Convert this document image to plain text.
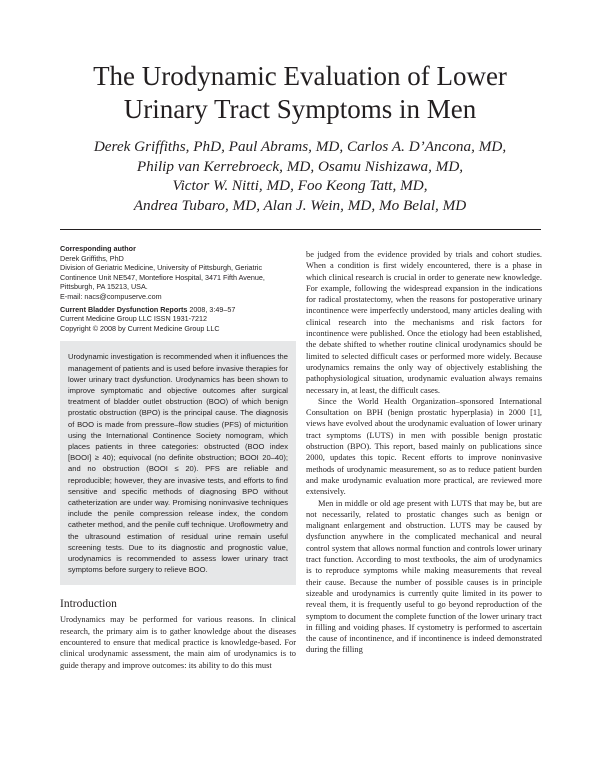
The Urodynamic Evaluation of Lower
Urinary Tract Symptoms in Men

Derek Griffiths, PhD, Paul Abrams, MD, Carlos A. D’Ancona, MD,
Philip van Kerrebroeck, MD, Osamu Nishizawa, MD,
Victor W. Nitti, MD, Foo Keong Tatt, MD,
Andrea Tubaro, MD, Alan J. Wein, MD, Mo Belal, MD

Corresponding author
Derek Griffiths, PhD
Division of Geriatric Medicine, University of Pittsburgh, Geriatric
Continence Unit NE547, Montefiore Hospital, 3471 Fifth Avenue,
Pittsburgh, PA 15213, USA.
E-mail: nacs@compuserve.com
Current Bladder Dysfunction Reports 2008, 3:49–57
Current Medicine Group LLC ISSN 1931-7212
Copyright © 2008 by Current Medicine Group LLC

Urodynamic investigation is recommended when it influences the management of patients and is used before invasive therapies for lower urinary tract dysfunction. Urodynamics has been shown to improve symptomatic and objective outcomes after surgical treatment of bladder outlet obstruction (BOO) of which benign prostatic obstruction (BPO) is the principal cause. The diagnosis of BOO is made from pressure–flow studies (PFS) of micturition using the International Continence Society nomogram, which places patients in three categories: obstructed (BOO index [BOOI] ≥ 40); equivocal (no definite obstruction; BOOI 20–40); and no obstruction (BOOI ≤ 20). PFS are reliable and reproducible; however, they are invasive tests, and efforts to find sensitive and specific methods of diagnosing BPO without catheterization are under way. Promising noninvasive techniques include the penile compression release index, the condom catheter method, and the penile cuff technique. Uroflowmetry and the ultrasound estimation of residual urine remain useful screening tests. Due to its diagnostic and prognostic value, urodynamics is recommended to assess lower urinary tract symptoms before surgery to relieve BOO.

Introduction

Urodynamics may be performed for various reasons. In clinical research, the primary aim is to gather knowledge about the diseases encountered to ensure that medical practice is knowledge-based. For clinical urodynamic assessment, the main aim of urodynamics is to guide therapy and improve outcomes: its ability to do this must

be judged from the evidence provided by trials and cohort studies. When a condition is first widely encountered, there is a phase in which clinical research is crucial in order to generate new knowledge. For example, following the widespread expansion in the indications for radical prostatectomy, when the reasons for postoperative urinary incontinence were imperfectly understood, many articles dealing with clinical research into the mechanisms and risk factors for incontinence were published. Once the etiology had been established, the debate shifted to whether routine clinical urodynamics should be limited to selected difficult cases or performed more widely. Because urodynamics remains the only way of objectively establishing the pathophysiological situation, urodynamic evaluation always remains necessary in, at least, the difficult cases.

Since the World Health Organization–sponsored International Consultation on BPH (benign prostatic hyperplasia) in 2000 [1], views have evolved about the urodynamic evaluation of lower urinary tract symptoms (LUTS) in men with possible benign prostatic obstruction (BPO). This report, based mainly on publications since 2000, updates this topic. Recent efforts to improve noninvasive methods of urodynamic measurement, so as to reduce patient burden and make urodynamic evaluation more practical, are reviewed more extensively.

Men in middle or old age present with LUTS that may be, but are not necessarily, related to prostatic changes such as benign or malignant enlargement and obstruction. LUTS may be caused by dysfunction anywhere in the complicated mechanical and neural control system that allows normal function and controls lower urinary tract function. According to most textbooks, the aim of urodynamics is to reproduce symptoms while making measurements that reveal their cause. Because the number of possible causes is in principle sizeable and urodynamics is currently quite limited in its power to reveal them, it is frequently useful to go beyond reproduction of the symptom to document the complete function of the lower urinary tract in filling and voiding phases. If cystometry is performed to ascertain the cause of incontinence, and if incontinence is indeed demonstrated during the filling
